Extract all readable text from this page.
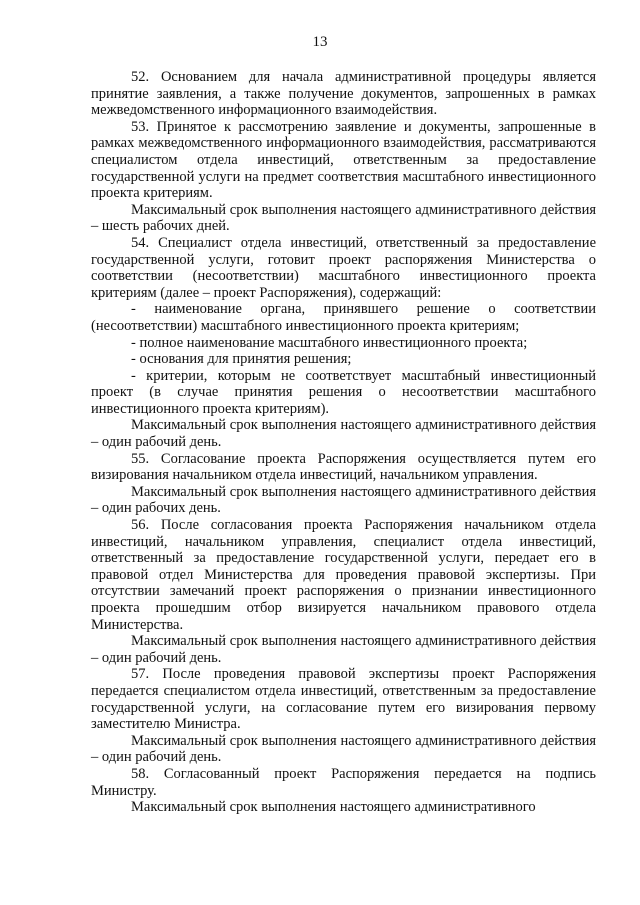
13

52. Основанием для начала административной процедуры является принятие заявления, а также получение документов, запрошенных в рамках межведомственного информационного взаимодействия.

53. Принятое к рассмотрению заявление и документы, запрошенные в рамках межведомственного информационного взаимодействия, рассматриваются специалистом отдела инвестиций, ответственным за предоставление государственной услуги на предмет соответствия масштабного инвестиционного проекта критериям.

Максимальный срок выполнения настоящего административного действия – шесть рабочих дней.

54. Специалист отдела инвестиций, ответственный за предоставление государственной услуги, готовит проект распоряжения Министерства о соответствии (несоответствии) масштабного инвестиционного проекта критериям (далее – проект Распоряжения), содержащий:

- наименование органа, принявшего решение о соответствии (несоответствии) масштабного инвестиционного проекта критериям;

- полное наименование масштабного инвестиционного проекта;

- основания для принятия решения;

- критерии, которым не соответствует масштабный инвестиционный проект (в случае принятия решения о несоответствии масштабного инвестиционного проекта критериям).

Максимальный срок выполнения настоящего административного действия – один рабочий день.

55. Согласование проекта Распоряжения осуществляется путем его визирования начальником отдела инвестиций, начальником управления.

Максимальный срок выполнения настоящего административного действия – один рабочих день.

56. После согласования проекта Распоряжения начальником отдела инвестиций, начальником управления, специалист отдела инвестиций, ответственный за предоставление государственной услуги, передает его в правовой отдел Министерства для проведения правовой экспертизы. При отсутствии замечаний проект распоряжения о признании инвестиционного проекта прошедшим отбор визируется начальником правового отдела Министерства.

Максимальный срок выполнения настоящего административного действия – один рабочий день.

57. После проведения правовой экспертизы проект Распоряжения передается специалистом отдела инвестиций, ответственным за предоставление государственной услуги, на согласование путем его визирования первому заместителю Министра.

Максимальный срок выполнения настоящего административного действия – один рабочий день.

58. Согласованный проект Распоряжения передается на подпись Министру.

Максимальный срок выполнения настоящего административного
